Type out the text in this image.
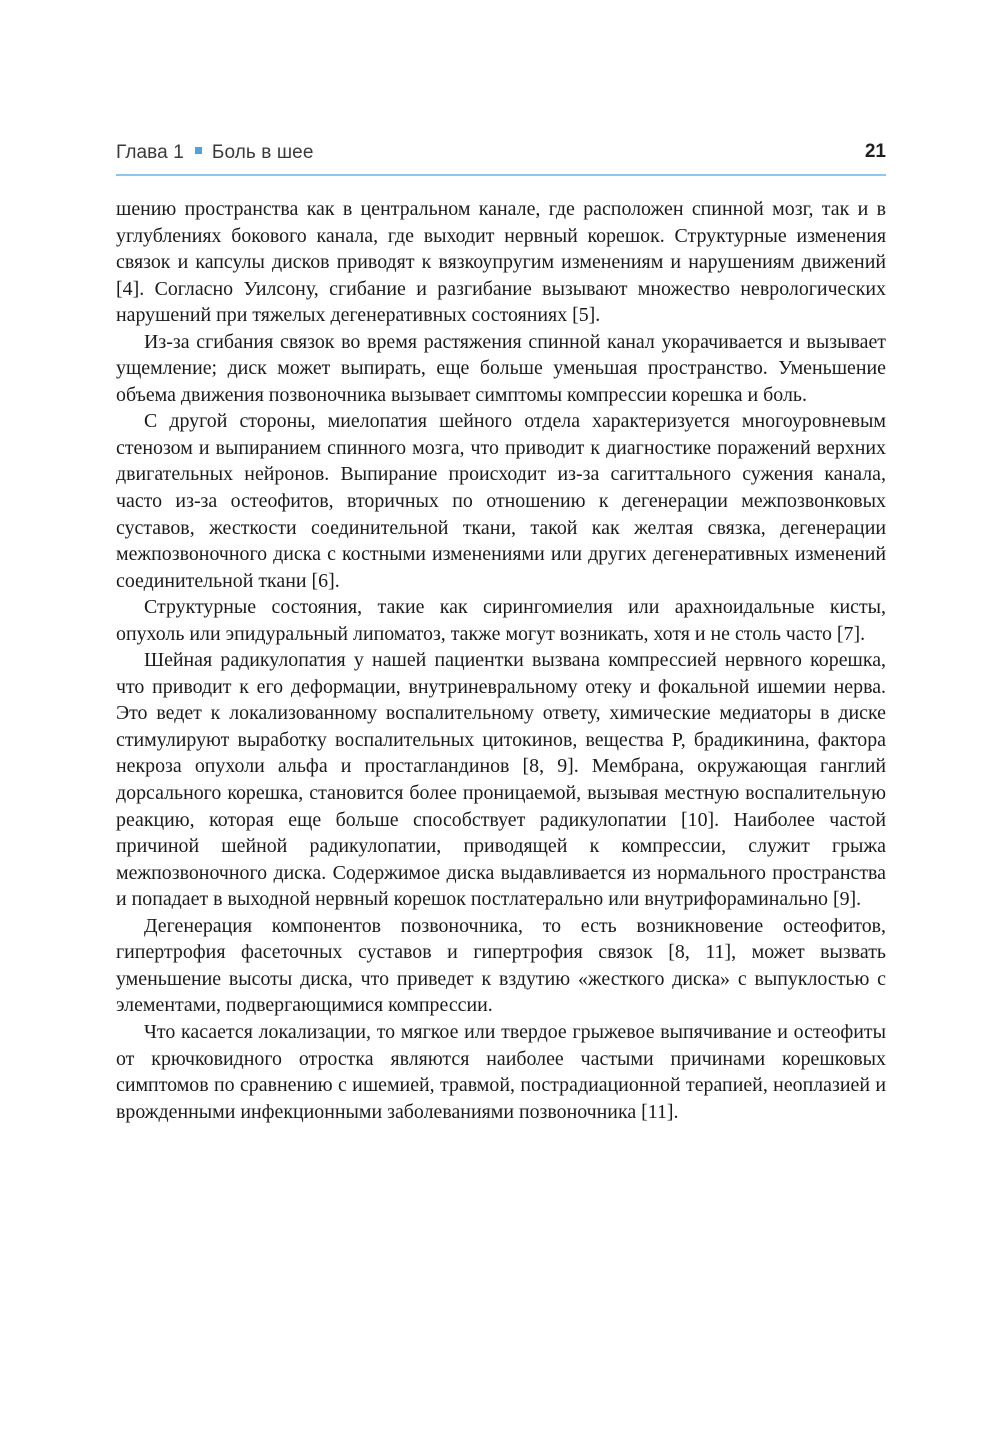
Глава 1 Боль в шее	21

шению пространства как в центральном канале, где расположен спинной мозг, так и в углублениях бокового канала, где выходит нервный корешок. Структурные изменения связок и капсулы дисков приводят к вязкоупругим изменениям и нарушениям движений [4]. Согласно Уилсону, сгибание и разгибание вызывают множество неврологических нарушений при тяжелых дегенеративных состояниях [5].

Из-за сгибания связок во время растяжения спинной канал укорачивается и вызывает ущемление; диск может выпирать, еще больше уменьшая пространство. Уменьшение объема движения позвоночника вызывает симптомы компрессии корешка и боль.

С другой стороны, миелопатия шейного отдела характеризуется многоуровневым стенозом и выпиранием спинного мозга, что приводит к диагностике поражений верхних двигательных нейронов. Выпирание происходит из-за сагиттального сужения канала, часто из-за остеофитов, вторичных по отношению к дегенерации межпозвонковых суставов, жесткости соединительной ткани, такой как желтая связка, дегенерации межпозвоночного диска с костными изменениями или других дегенеративных изменений соединительной ткани [6].

Структурные состояния, такие как сирингомиелия или арахноидальные кисты, опухоль или эпидуральный липоматоз, также могут возникать, хотя и не столь часто [7].

Шейная радикулопатия у нашей пациентки вызвана компрессией нервного корешка, что приводит к его деформации, внутриневральному отеку и фокальной ишемии нерва. Это ведет к локализованному воспалительному ответу, химические медиаторы в диске стимулируют выработку воспалительных цитокинов, вещества P, брадикинина, фактора некроза опухоли альфа и простагландинов [8, 9]. Мембрана, окружающая ганглий дорсального корешка, становится более проницаемой, вызывая местную воспалительную реакцию, которая еще больше способствует радикулопатии [10]. Наиболее частой причиной шейной радикулопатии, приводящей к компрессии, служит грыжа межпозвоночного диска. Содержимое диска выдавливается из нормального пространства и попадает в выходной нервный корешок постлатерально или внутрифораминально [9].

Дегенерация компонентов позвоночника, то есть возникновение остеофитов, гипертрофия фасеточных суставов и гипертрофия связок [8, 11], может вызвать уменьшение высоты диска, что приведет к вздутию «жесткого диска» с выпуклостью с элементами, подвергающимися компрессии.

Что касается локализации, то мягкое или твердое грыжевое выпячивание и остеофиты от крючковидного отростка являются наиболее частыми причинами корешковых симптомов по сравнению с ишемией, травмой, пострадиационной терапией, неоплазией и врожденными инфекционными заболеваниями позвоночника [11].
